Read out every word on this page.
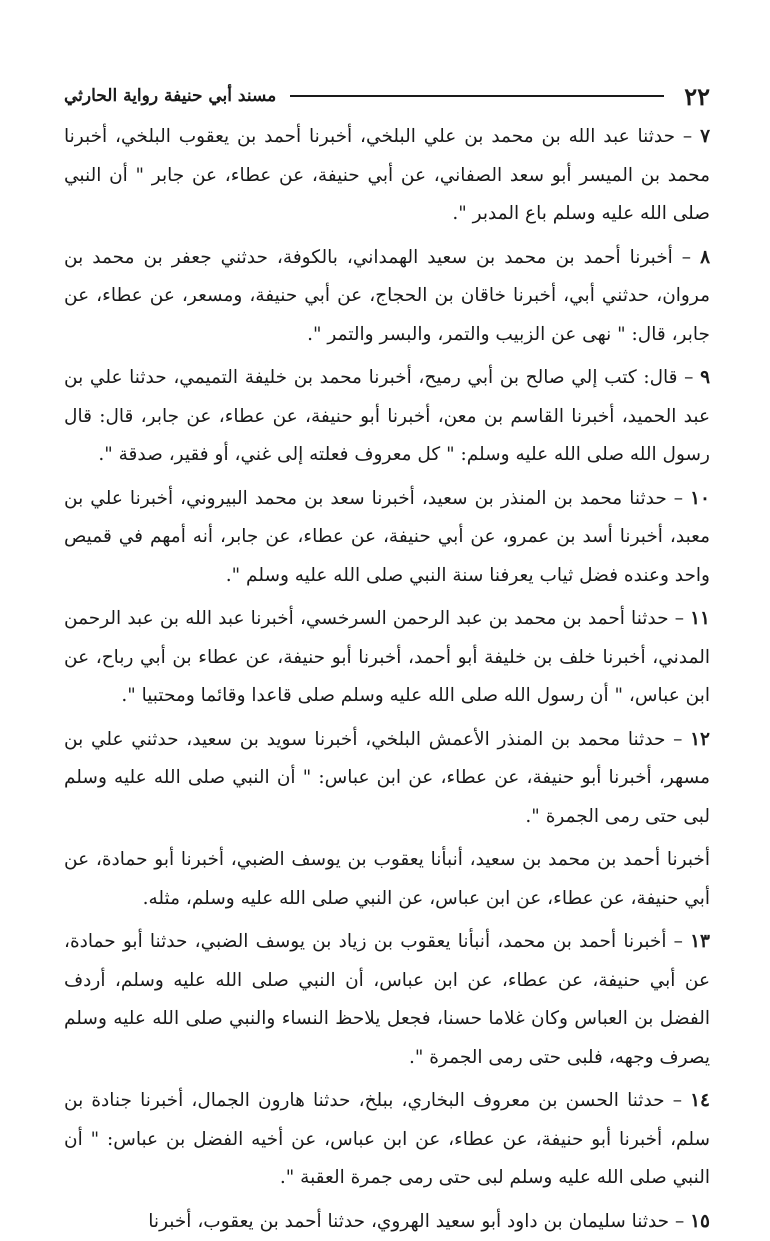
٢٢
مسند أبي حنيفة رواية الحارثي

٧ – حدثنا عبد الله بن محمد بن علي البلخي، أخبرنا أحمد بن يعقوب البلخي، أخبرنا محمد بن الميسر أبو سعد الصفاني، عن أبي حنيفة، عن عطاء، عن جابر " أن النبي صلى الله عليه وسلم باع المدبر ".

٨ – أخبرنا أحمد بن محمد بن سعيد الهمداني، بالكوفة، حدثني جعفر بن محمد بن مروان، حدثني أبي، أخبرنا خاقان بن الحجاج، عن أبي حنيفة، ومسعر، عن عطاء، عن جابر، قال: " نهى عن الزبيب والتمر، والبسر والتمر ".

٩ – قال: كتب إلي صالح بن أبي رميح، أخبرنا محمد بن خليفة التميمي، حدثنا علي بن عبد الحميد، أخبرنا القاسم بن معن، أخبرنا أبو حنيفة، عن عطاء، عن جابر، قال: قال رسول الله صلى الله عليه وسلم: " كل معروف فعلته إلى غني، أو فقير، صدقة ".

١٠ – حدثنا محمد بن المنذر بن سعيد، أخبرنا سعد بن محمد البيروني، أخبرنا علي بن معبد، أخبرنا أسد بن عمرو، عن أبي حنيفة، عن عطاء، عن جابر، أنه أمهم في قميص واحد وعنده فضل ثياب يعرفنا سنة النبي صلى الله عليه وسلم ".

١١ – حدثنا أحمد بن محمد بن عبد الرحمن السرخسي، أخبرنا عبد الله بن عبد الرحمن المدني، أخبرنا خلف بن خليفة أبو أحمد، أخبرنا أبو حنيفة، عن عطاء بن أبي رباح، عن ابن عباس، " أن رسول الله صلى الله عليه وسلم صلى قاعدا وقائما ومحتبيا ".

١٢ – حدثنا محمد بن المنذر الأعمش البلخي، أخبرنا سويد بن سعيد، حدثني علي بن مسهر، أخبرنا أبو حنيفة، عن عطاء، عن ابن عباس: " أن النبي صلى الله عليه وسلم لبى حتى رمى الجمرة ".

أخبرنا أحمد بن محمد بن سعيد، أنبأنا يعقوب بن يوسف الضبي، أخبرنا أبو حمادة، عن أبي حنيفة، عن عطاء، عن ابن عباس، عن النبي صلى الله عليه وسلم، مثله.

١٣ – أخبرنا أحمد بن محمد، أنبأنا يعقوب بن زياد بن يوسف الضبي، حدثنا أبو حمادة، عن أبي حنيفة، عن عطاء، عن ابن عباس، أن النبي صلى الله عليه وسلم، أردف الفضل بن العباس وكان غلاما حسنا، فجعل يلاحظ النساء والنبي صلى الله عليه وسلم يصرف وجهه، فلبى حتى رمى الجمرة ".

١٤ – حدثنا الحسن بن معروف البخاري، ببلخ، حدثنا هارون الجمال، أخبرنا جنادة بن سلم، أخبرنا أبو حنيفة، عن عطاء، عن ابن عباس، عن أخيه الفضل بن عباس: " أن النبي صلى الله عليه وسلم لبى حتى رمى جمرة العقبة ".

١٥ – حدثنا سليمان بن داود أبو سعيد الهروي، حدثنا أحمد بن يعقوب، أخبرنا
